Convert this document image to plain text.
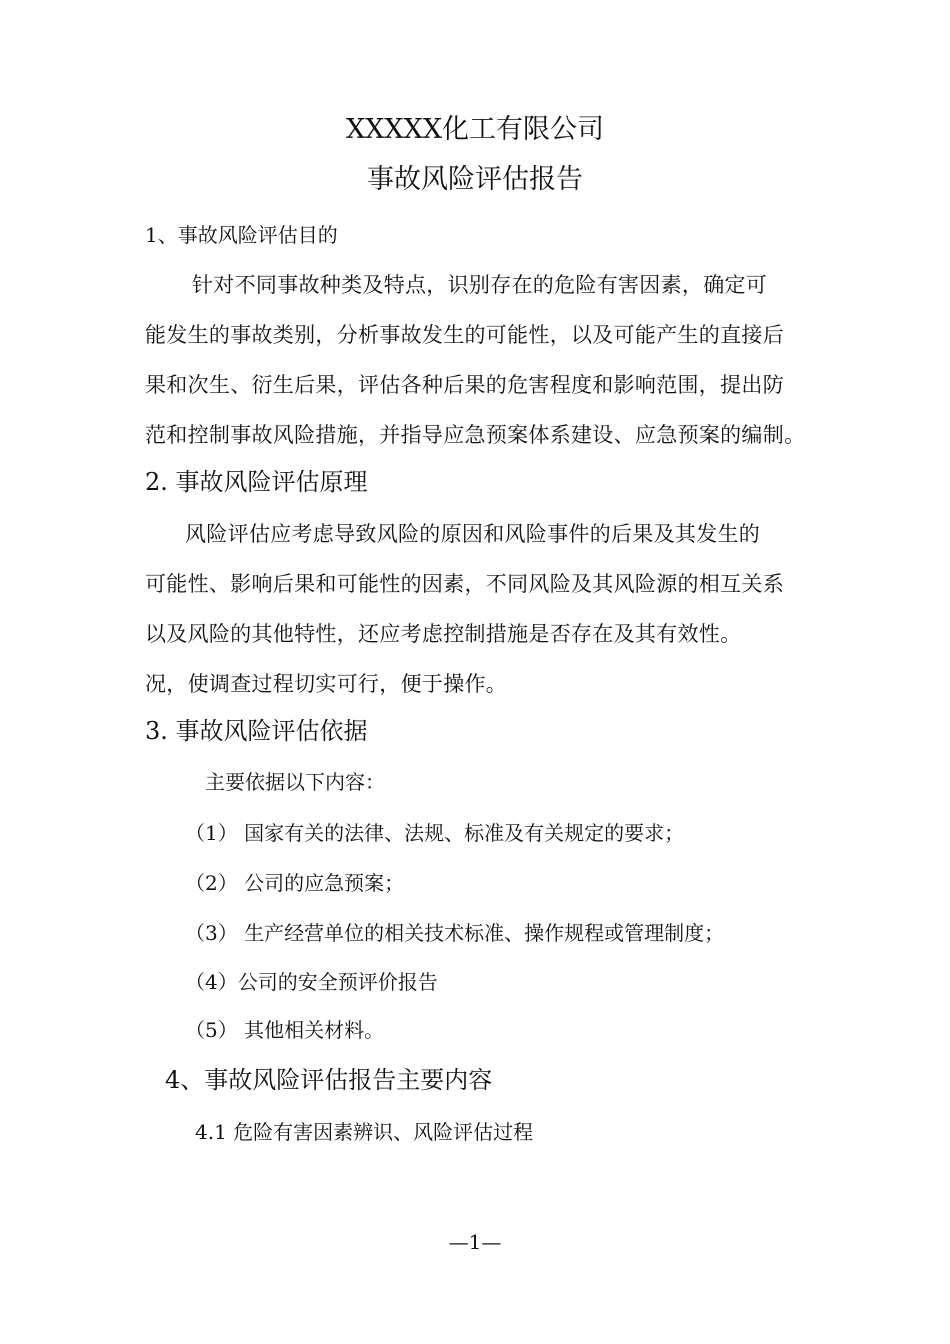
XXXXX化工有限公司
事故风险评估报告
1、事故风险评估目的
针对不同事故种类及特点，识别存在的危险有害因素，确定可
能发生的事故类别，分析事故发生的可能性，以及可能产生的直接后
果和次生、衍生后果，评估各种后果的危害程度和影响范围，提出防
范和控制事故风险措施，并指导应急预案体系建设、应急预案的编制。
2. 事故风险评估原理
风险评估应考虑导致风险的原因和风险事件的后果及其发生的
可能性、影响后果和可能性的因素，不同风险及其风险源的相互关系
以及风险的其他特性，还应考虑控制措施是否存在及其有效性。
况，使调查过程切实可行，便于操作。
3. 事故风险评估依据
主要依据以下内容：
（1） 国家有关的法律、法规、标准及有关规定的要求；
（2） 公司的应急预案；
（3） 生产经营单位的相关技术标准、操作规程或管理制度；
（4）公司的安全预评价报告
（5） 其他相关材料。
4、事故风险评估报告主要内容
4.1 危险有害因素辨识、风险评估过程
—1—
